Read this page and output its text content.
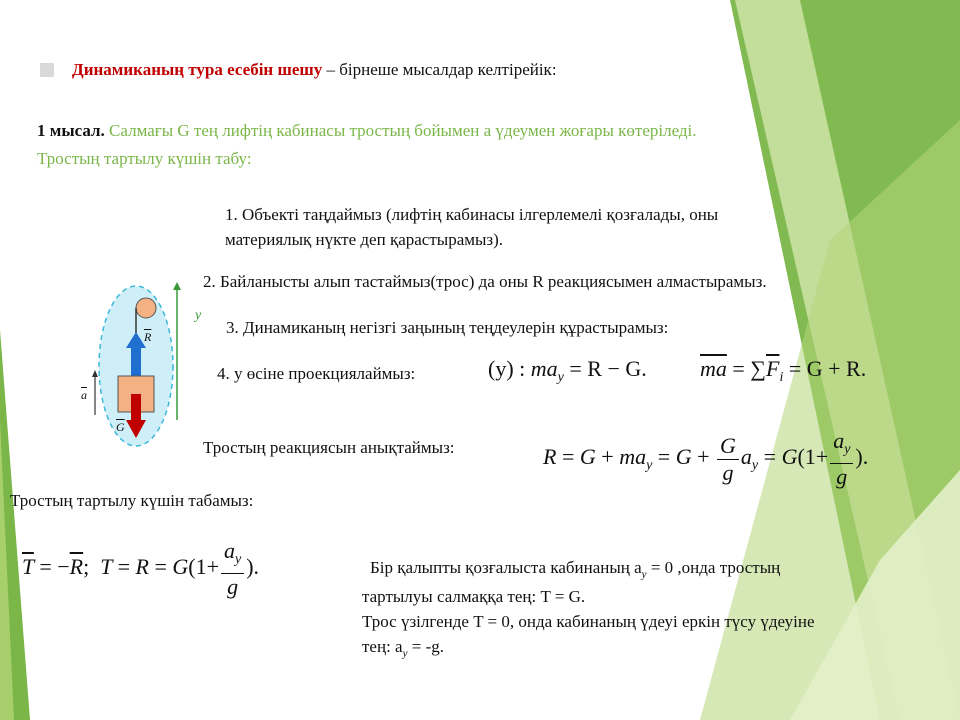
Динамиканың тура есебін шешу – бірнеше мысалдар келтірейік:
1 мысал. Салмағы G тең лифтің кабинасы тростың бойымен a үдеумен жоғары көтеріледі.
Тростың тартылу күшін табу:
1. Объекті таңдаймыз (лифтің кабинасы ілгерлемелі қозғалады, оны
материялық нүкте деп қарастырамыз).
2. Байланысты алып тастаймыз(трос) да оны R реакциясымен алмастырамыз.
3. Динамиканың негізгі заңының теңдеулерін құрастырамыз:
4. у өсіне проекциялаймыз:	(y) : $ma_y = R - G$. $\overline{ma} = \sum\overline{F}_i = G + R$.
Тростың реакциясын анықтаймыз:	$R = G + ma_y = G + \frac{G}{g} a_y = G(1+ \frac{a_y}{g}$ ).
Тростың тартылу күшін табамыз:
$\overline{T} = -\overline{R}$;  $T = R = G(1+ \frac{a_y}{g}$ ).	Бір қалыпты қозғалыста кабинаның $a_y = 0$ ,онда тростың
тартылуы салмаққа тең: T = G.
Трос үзілгенде T = 0, онда кабинаның үдеуі еркін түсу үдеуіне
тең: $a_y = -g$.
y
$\overline{R}$
$\overline{a}$
$\overline{G}$
